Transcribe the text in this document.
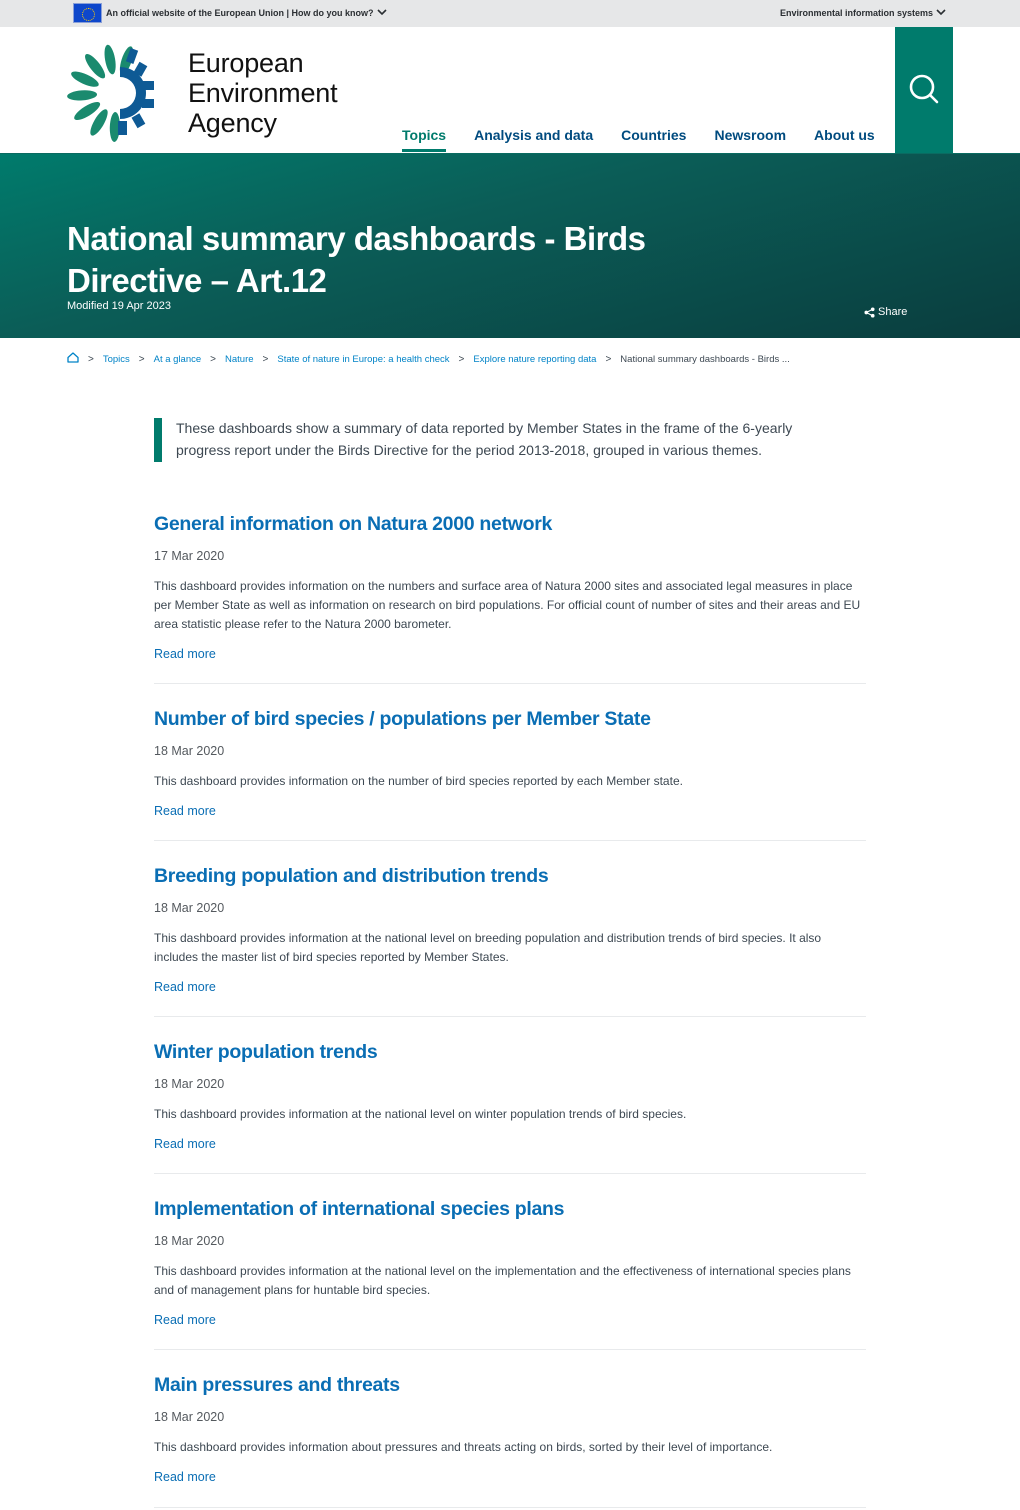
An official website of the European Union | How do you know?	Environmental information systems
European
Environment
Agency	Topics Analysis and data Countries Newsroom About us
National summary dashboards - Birds Directive – Art.12
Modified 19 Apr 2023	Share
> Topics > At a glance > Nature > State of nature in Europe: a health check > Explore nature reporting data > National summary dashboards - Birds ...

These dashboards show a summary of data reported by Member States in the frame of the 6-yearly progress report under the Birds Directive for the period 2013-2018, grouped in various themes.

General information on Natura 2000 network
17 Mar 2020

This dashboard provides information on the numbers and surface area of Natura 2000 sites and associated legal measures in place per Member State as well as information on research on bird populations. For official count of number of sites and their areas and EU area statistic please refer to the Natura 2000 barometer.

Read more
Number of bird species / populations per Member State
18 Mar 2020

This dashboard provides information on the number of bird species reported by each Member state.

Read more
Breeding population and distribution trends
18 Mar 2020

This dashboard provides information at the national level on breeding population and distribution trends of bird species. It also includes the master list of bird species reported by Member States.

Read more
Winter population trends
18 Mar 2020

This dashboard provides information at the national level on winter population trends of bird species.

Read more
Implementation of international species plans
18 Mar 2020

This dashboard provides information at the national level on the implementation and the effectiveness of international species plans and of management plans for huntable bird species.

Read more
Main pressures and threats
18 Mar 2020

This dashboard provides information about pressures and threats acting on birds, sorted by their level of importance.

Read more
